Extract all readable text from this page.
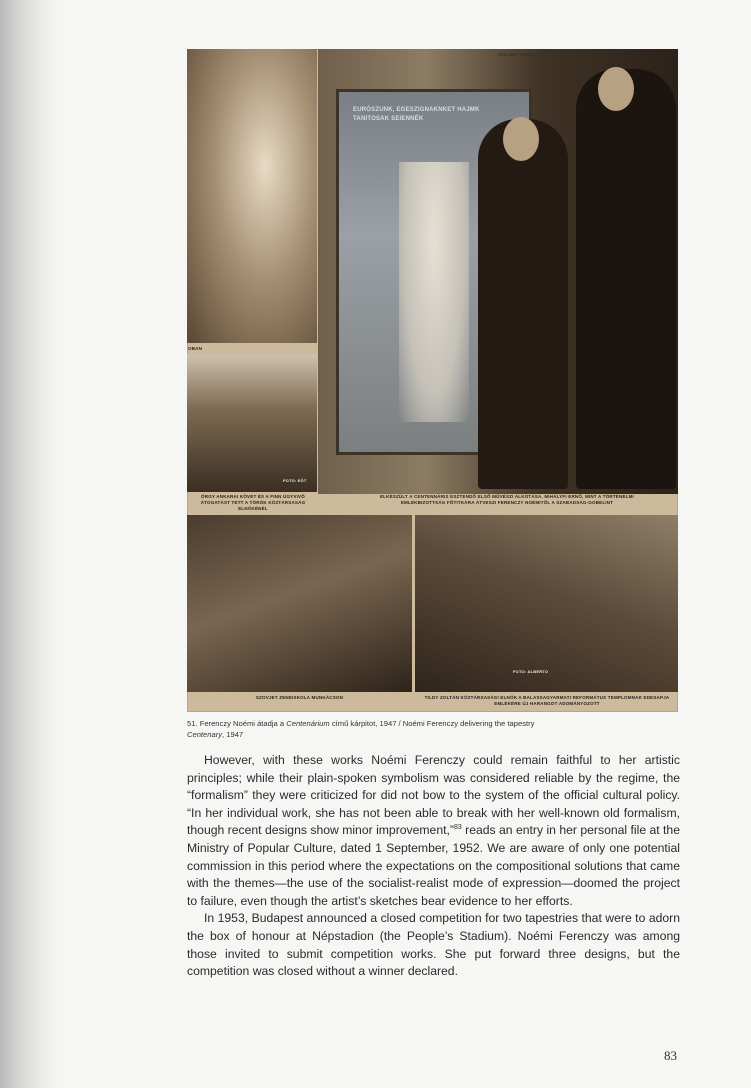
OBAN
FOTO: EÖT
ÖRGY ANKARAI KÖVET ÉS A FINN ÜGYVIVŐ ÁTOGATÁST TETT A TÖRÖK KÖZTÁRSASÁG ELNÖKÉNÉL
SZELNER TIBOR
EURÓSZUNK, EGESZIGNAKNKET HAJMK TANITOSAK SEIENNÉK
ELKÉSZÜLT A CENTENNÁRIS ESZTENDŐ ELSŐ MŰVÉSZI ALKOTÁSA. MIHÁLYFI ERNŐ, MINT A TÖRTÉNELMI EMLÉKBIZOTTSÁG FŐTITKÁRA ÁTVESZI FERENCZY NOÉMITŐL A SZABADSÁG-GOBELINT
SZOVJET ZENEISKOLA MUNKÁCSON
FOTO: ALBERTO
TILDY ZOLTÁN KÖZTÁRSASÁGI ELNÖK A BALASSAGYARMATI REFORMÁTUS TEMPLOMNAK EDESAPJA EMLÉKÉRE ÚJ HARANGOT ADOMÁNYOZOTT
51. Ferenczy Noémi átadja a Centenárium című kárpitot, 1947 / Noémi Ferenczy delivering the tapestry
Centenary, 1947

However, with these works Noémi Ferenczy could remain faithful to her artistic principles; while their plain-spoken symbolism was considered reliable by the regime, the “formalism” they were criticized for did not bow to the system of the official cultural policy. “In her individual work, she has not been able to break with her well-known old formalism, though recent designs show minor improvement,”$^{83}$ reads an entry in her personal file at the Ministry of Popular Culture, dated 1 September, 1952. We are aware of only one potential commission in this period where the expectations on the compositional solutions that came with the themes—the use of the socialist-realist mode of expression—doomed the project to failure, even though the artist’s sketches bear evidence to her efforts.

In 1953, Budapest announced a closed competition for two tapestries that were to adorn the box of honour at Népstadion (the People’s Stadium). Noémi Ferenczy was among those invited to submit competition works. She put forward three designs, but the competition was closed without a winner declared.

83
